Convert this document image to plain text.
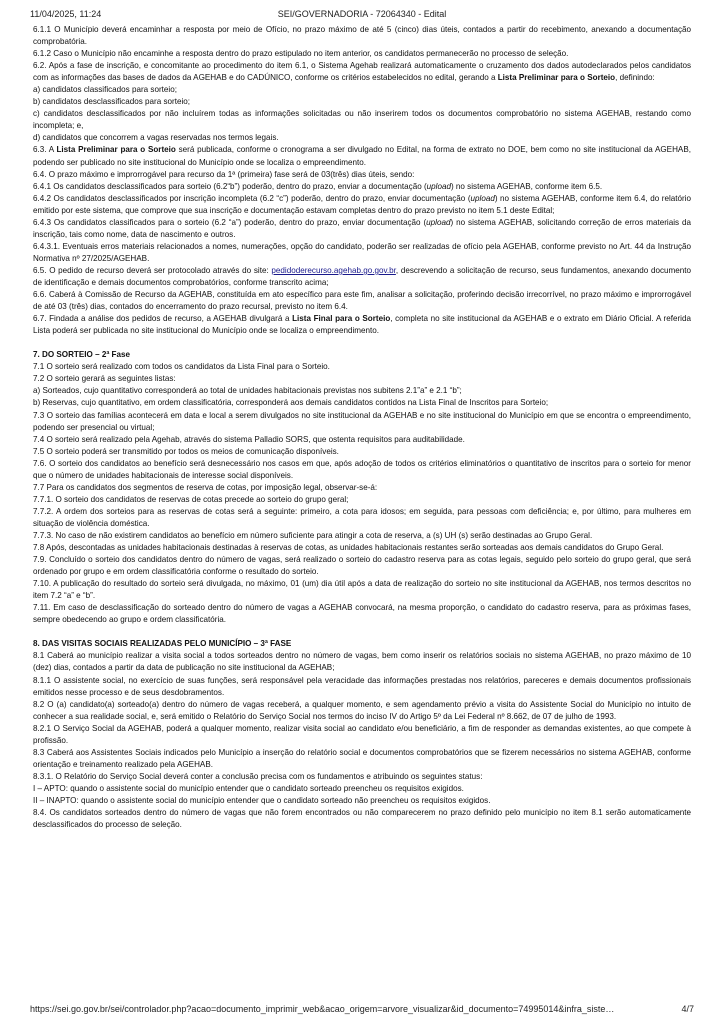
11/04/2025, 11:24	SEI/GOVERNADORIA - 72064340 - Edital

6.1.1 O Município deverá encaminhar a resposta por meio de Ofício, no prazo máximo de até 5 (cinco) dias úteis, contados a partir do recebimento, anexando a documentação comprobatória.

6.1.2 Caso o Município não encaminhe a resposta dentro do prazo estipulado no item anterior, os candidatos permanecerão no processo de seleção.

6.2. Após a fase de inscrição, e concomitante ao procedimento do item 6.1, o Sistema Agehab realizará automaticamente o cruzamento dos dados autodeclarados pelos candidatos com as informações das bases de dados da AGEHAB e do CADÚNICO, conforme os critérios estabelecidos no edital, gerando a Lista Preliminar para o Sorteio, definindo:

a) candidatos classificados para sorteio;

b) candidatos desclassificados para sorteio;

c) candidatos desclassificados por não incluírem todas as informações solicitadas ou não inserirem todos os documentos comprobatório no sistema AGEHAB, restando como incompleta; e,

d) candidatos que concorrem a vagas reservadas nos termos legais.

6.3. A Lista Preliminar para o Sorteio será publicada, conforme o cronograma a ser divulgado no Edital, na forma de extrato no DOE, bem como no site institucional da AGEHAB, podendo ser publicado no site institucional do Município onde se localiza o empreendimento.

6.4. O prazo máximo e improrrogável para recurso da 1ª (primeira) fase será de 03(três) dias úteis, sendo:

6.4.1 Os candidatos desclassificados para sorteio (6.2“b”) poderão, dentro do prazo, enviar a documentação (upload) no sistema AGEHAB, conforme item 6.5.

6.4.2 Os candidatos desclassificados por inscrição incompleta (6.2 “c”) poderão, dentro do prazo, enviar documentação (upload) no sistema AGEHAB, conforme item 6.4, do relatório emitido por este sistema, que comprove que sua inscrição e documentação estavam completas dentro do prazo previsto no item 5.1 deste Edital;

6.4.3 Os candidatos classificados para o sorteio (6.2 “a”) poderão, dentro do prazo, enviar documentação (upload) no sistema AGEHAB, solicitando correção de erros materiais da inscrição, tais como nome, data de nascimento e outros.

6.4.3.1. Eventuais erros materiais relacionados a nomes, numerações, opção do candidato, poderão ser realizadas de ofício pela AGEHAB, conforme previsto no Art. 44 da Instrução Normativa nº 27/2025/AGEHAB.

6.5. O pedido de recurso deverá ser protocolado através do site: pedidoderecurso.agehab.go.gov.br, descrevendo a solicitação de recurso, seus fundamentos, anexando documento de identificação e demais documentos comprobatórios, conforme transcrito acima;

6.6. Caberá à Comissão de Recurso da AGEHAB, constituída em ato específico para este fim, analisar a solicitação, proferindo decisão irrecorrível, no prazo máximo e improrrogável de até 03 (três) dias, contados do encerramento do prazo recursal, previsto no item 6.4.

6.7. Findada a análise dos pedidos de recurso, a AGEHAB divulgará a Lista Final para o Sorteio, completa no site institucional da AGEHAB e o extrato em Diário Oficial. A referida Lista poderá ser publicada no site institucional do Município onde se localiza o empreendimento.

7. DO SORTEIO – 2ª Fase

7.1 O sorteio será realizado com todos os candidatos da Lista Final para o Sorteio.

7.2 O sorteio gerará as seguintes listas:

a) Sorteados, cujo quantitativo corresponderá ao total de unidades habitacionais previstas nos subitens 2.1”a” e 2.1 “b”;

b) Reservas, cujo quantitativo, em ordem classificatória, corresponderá aos demais candidatos contidos na Lista Final de Inscritos para Sorteio;

7.3 O sorteio das famílias acontecerá em data e local a serem divulgados no site institucional da AGEHAB e no site institucional do Município em que se encontra o empreendimento, podendo ser presencial ou virtual;

7.4 O sorteio será realizado pela Agehab, através do sistema Palladio SORS, que ostenta requisitos para auditabilidade.

7.5 O sorteio poderá ser transmitido por todos os meios de comunicação disponíveis.

7.6. O sorteio dos candidatos ao benefício será desnecessário nos casos em que, após adoção de todos os critérios eliminatórios o quantitativo de inscritos para o sorteio for menor que o número de unidades habitacionais de interesse social disponíveis.

7.7 Para os candidatos dos segmentos de reserva de cotas, por imposição legal, observar-se-á:

7.7.1. O sorteio dos candidatos de reservas de cotas precede ao sorteio do grupo geral;

7.7.2. A ordem dos sorteios para as reservas de cotas será a seguinte: primeiro, a cota para idosos; em seguida, para pessoas com deficiência; e, por último, para mulheres em situação de violência doméstica.

7.7.3. No caso de não existirem candidatos ao benefício em número suficiente para atingir a cota de reserva, a (s) UH (s) serão destinadas ao Grupo Geral.

7.8 Após, descontadas as unidades habitacionais destinadas à reservas de cotas, as unidades habitacionais restantes serão sorteadas aos demais candidatos do Grupo Geral.

7.9. Concluído o sorteio dos candidatos dentro do número de vagas, será realizado o sorteio do cadastro reserva para as cotas legais, seguido pelo sorteio do grupo geral, que será ordenado por grupo e em ordem classificatória conforme o resultado do sorteio.

7.10. A publicação do resultado do sorteio será divulgada, no máximo, 01 (um) dia útil após a data de realização do sorteio no site institucional da AGEHAB, nos termos descritos no item 7.2 “a” e “b”.

7.11. Em caso de desclassificação do sorteado dentro do número de vagas a AGEHAB convocará, na mesma proporção, o candidato do cadastro reserva, para as próximas fases, sempre obedecendo ao grupo e ordem classificatória.

8. DAS VISITAS SOCIAIS REALIZADAS PELO MUNICÍPIO – 3ª FASE

8.1 Caberá ao município realizar a visita social a todos sorteados dentro no número de vagas, bem como inserir os relatórios sociais no sistema AGEHAB, no prazo máximo de 10 (dez) dias, contados a partir da data de publicação no site institucional da AGEHAB;

8.1.1 O assistente social, no exercício de suas funções, será responsável pela veracidade das informações prestadas nos relatórios, pareceres e demais documentos profissionais emitidos nesse processo e de seus desdobramentos.

8.2 O (a) candidato(a) sorteado(a) dentro do número de vagas receberá, a qualquer momento, e sem agendamento prévio a visita do Assistente Social do Município no intuito de conhecer a sua realidade social, e, será emitido o Relatório do Serviço Social nos termos do inciso IV do Artigo 5º da Lei Federal nº 8.662, de 07 de julho de 1993.

8.2.1 O Serviço Social da AGEHAB, poderá a qualquer momento, realizar visita social ao candidato e/ou beneficiário, a fim de responder as demandas existentes, ao que compete à profissão.

8.3 Caberá aos Assistentes Sociais indicados pelo Município a inserção do relatório social e documentos comprobatórios que se fizerem necessários no sistema AGEHAB, conforme orientação e treinamento realizado pela AGEHAB.

8.3.1. O Relatório do Serviço Social deverá conter a conclusão precisa com os fundamentos e atribuindo os seguintes status:

I – APTO: quando o assistente social do município entender que o candidato sorteado preencheu os requisitos exigidos.

II – INAPTO: quando o assistente social do município entender que o candidato sorteado não preencheu os requisitos exigidos.

8.4. Os candidatos sorteados dentro do número de vagas que não forem encontrados ou não comparecerem no prazo definido pelo município no item 8.1 serão automaticamente desclassificados do processo de seleção.

https://sei.go.gov.br/sei/controlador.php?acao=documento_imprimir_web&acao_origem=arvore_visualizar&id_documento=74995014&infra_siste…	4/7
